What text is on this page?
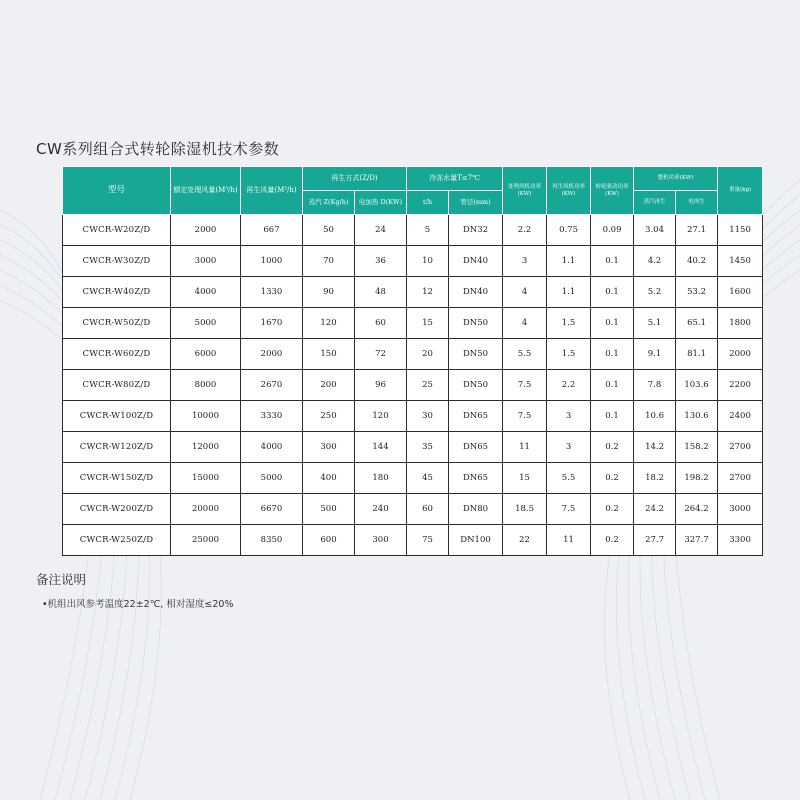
CW系列组合式转轮除湿机技术参数
型号	额定处理风量(M³/h)	再生风量(M³/h)	再生方式(Z/D)		冷冻水量T≤7℃		处理风机功率(KW)	再生风机功率(KW)	转轮驱动功率(KW)	整机功率(KW)		重量(kg)
			蒸汽 Z(Kg/h)	电加热 D(KW)	t/h	管径(mm)				蒸汽再生	电再生	
CWCR-W20Z/D	2000	667	50	24	5	DN32	2.2	0.75	0.09	3.04	27.1	1150
CWCR-W30Z/D	3000	1000	70	36	10	DN40	3	1.1	0.1	4.2	40.2	1450
CWCR-W40Z/D	4000	1330	90	48	12	DN40	4	1.1	0.1	5.2	53.2	1600
CWCR-W50Z/D	5000	1670	120	60	15	DN50	4	1.5	0.1	5.1	65.1	1800
CWCR-W60Z/D	6000	2000	150	72	20	DN50	5.5	1.5	0.1	9.1	81.1	2000
CWCR-W80Z/D	8000	2670	200	96	25	DN50	7.5	2.2	0.1	7.8	103.6	2200
CWCR-W100Z/D	10000	3330	250	120	30	DN65	7.5	3	0.1	10.6	130.6	2400
CWCR-W120Z/D	12000	4000	300	144	35	DN65	11	3	0.2	14.2	158.2	2700
CWCR-W150Z/D	15000	5000	400	180	45	DN65	15	5.5	0.2	18.2	198.2	2700
CWCR-W200Z/D	20000	6670	500	240	60	DN80	18.5	7.5	0.2	24.2	264.2	3000
CWCR-W250Z/D	25000	8350	600	300	75	DN100	22	11	0.2	27.7	327.7	3300
备注说明
•机组出风参考温度22±2℃, 相对湿度≤20%
